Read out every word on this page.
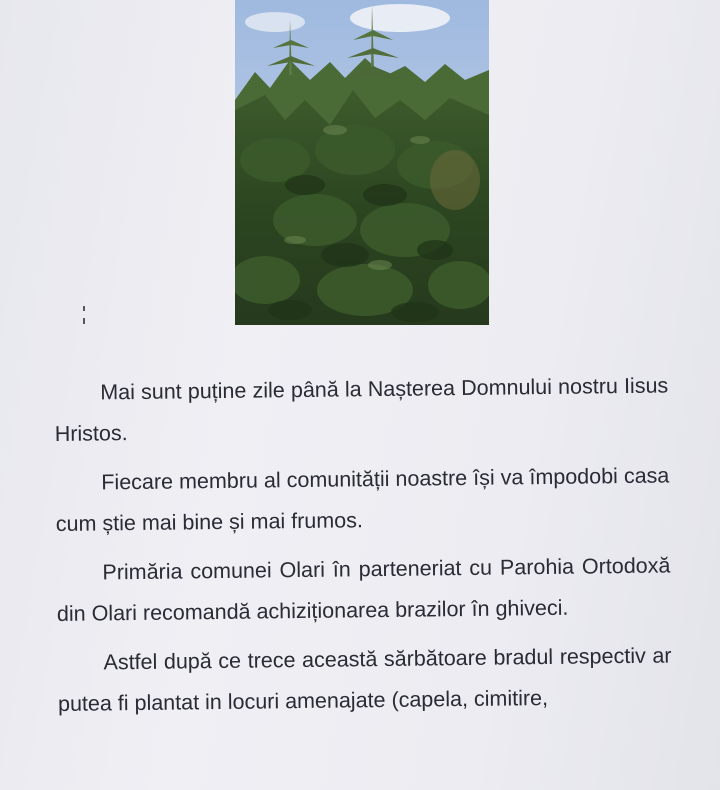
Mai sunt puține zile până la Nașterea Domnului nostru Iisus Hristos.

Fiecare membru al comunității noastre își va împodobi casa cum știe mai bine și mai frumos.

Primăria comunei Olari în parteneriat cu Parohia Ortodoxă din Olari recomandă achiziționarea brazilor în ghiveci.

Astfel după ce trece această sărbătoare bradul respectiv ar putea fi plantat in locuri amenajate (capela, cimitire,
